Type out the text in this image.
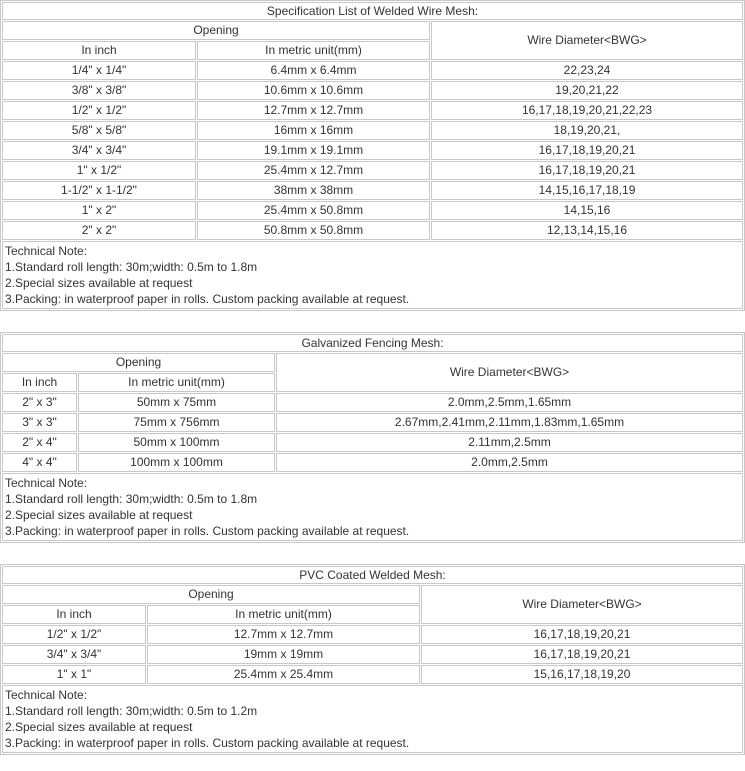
Specification List of Welded Wire Mesh:		
Opening		Wire Diameter<BWG>
In inch	In metric unit(mm)	
1/4" x 1/4"	6.4mm x 6.4mm	22,23,24
3/8" x 3/8"	10.6mm x 10.6mm	19,20,21,22
1/2" x 1/2"	12.7mm x 12.7mm	16,17,18,19,20,21,22,23
5/8" x 5/8"	16mm x 16mm	18,19,20,21,
3/4" x 3/4"	19.1mm x 19.1mm	16,17,18,19,20,21
1" x 1/2"	25.4mm x 12.7mm	16,17,18,19,20,21
1-1/2" x 1-1/2"	38mm x 38mm	14,15,16,17,18,19
1" x 2"	25.4mm x 50.8mm	14,15,16
2" x 2"	50.8mm x 50.8mm	12,13,14,15,16

Technical Note:
1.Standard roll length: 30m;width: 0.5m to 1.8m
2.Special sizes available at request
3.Packing: in waterproof paper in rolls. Custom packing available at request.		
Galvanized Fencing Mesh:		
Opening		Wire Diameter<BWG>
In inch	In metric unit(mm)	
2" x 3"	50mm x 75mm	2.0mm,2.5mm,1.65mm
3" x 3"	75mm x 756mm	2.67mm,2.41mm,2.11mm,1.83mm,1.65mm
2" x 4"	50mm x 100mm	2.11mm,2.5mm
4" x 4"	100mm x 100mm	2.0mm,2.5mm

Technical Note:
1.Standard roll length: 30m;width: 0.5m to 1.8m
2.Special sizes available at request
3.Packing: in waterproof paper in rolls. Custom packing available at request.		
PVC Coated Welded Mesh:		
Opening		Wire Diameter<BWG>
In inch	In metric unit(mm)	
1/2" x 1/2"	12.7mm x 12.7mm	16,17,18,19,20,21
3/4" x 3/4"	19mm x 19mm	16,17,18,19,20,21
1" x 1"	25.4mm x 25.4mm	15,16,17,18,19,20

Technical Note:
1.Standard roll length: 30m;width: 0.5m to 1.2m
2.Special sizes available at request
3.Packing: in waterproof paper in rolls. Custom packing available at request.		
